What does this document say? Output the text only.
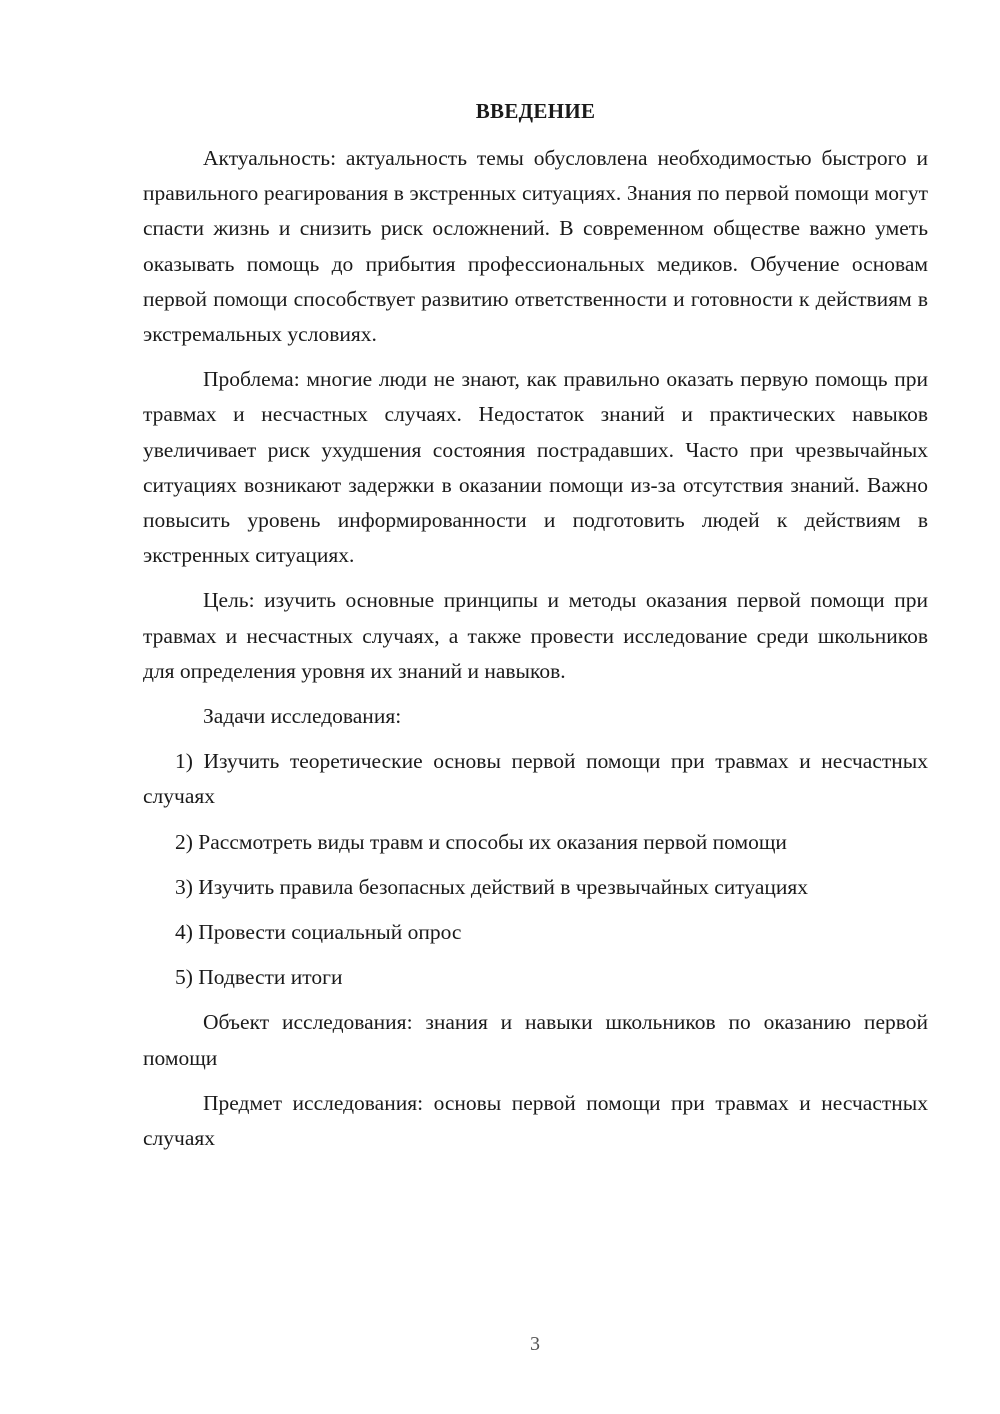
ВВЕДЕНИЕ

Актуальность: актуальность темы обусловлена необходимостью быстрого и правильного реагирования в экстренных ситуациях. Знания по первой помощи могут спасти жизнь и снизить риск осложнений. В современном обществе важно уметь оказывать помощь до прибытия профессиональных медиков. Обучение основам первой помощи способствует развитию ответственности и готовности к действиям в экстремальных условиях.

Проблема: многие люди не знают, как правильно оказать первую помощь при травмах и несчастных случаях. Недостаток знаний и практических навыков увеличивает риск ухудшения состояния пострадавших. Часто при чрезвычайных ситуациях возникают задержки в оказании помощи из-за отсутствия знаний. Важно повысить уровень информированности и подготовить людей к действиям в экстренных ситуациях.

Цель: изучить основные принципы и методы оказания первой помощи при травмах и несчастных случаях, а также провести исследование среди школьников для определения уровня их знаний и навыков.

Задачи исследования:

1) Изучить теоретические основы первой помощи при травмах и несчастных случаях

2) Рассмотреть виды травм и способы их оказания первой помощи

3) Изучить правила безопасных действий в чрезвычайных ситуациях

4) Провести социальный опрос

5) Подвести итоги

Объект исследования: знания и навыки школьников по оказанию первой помощи

Предмет исследования: основы первой помощи при травмах и несчастных случаях

3
